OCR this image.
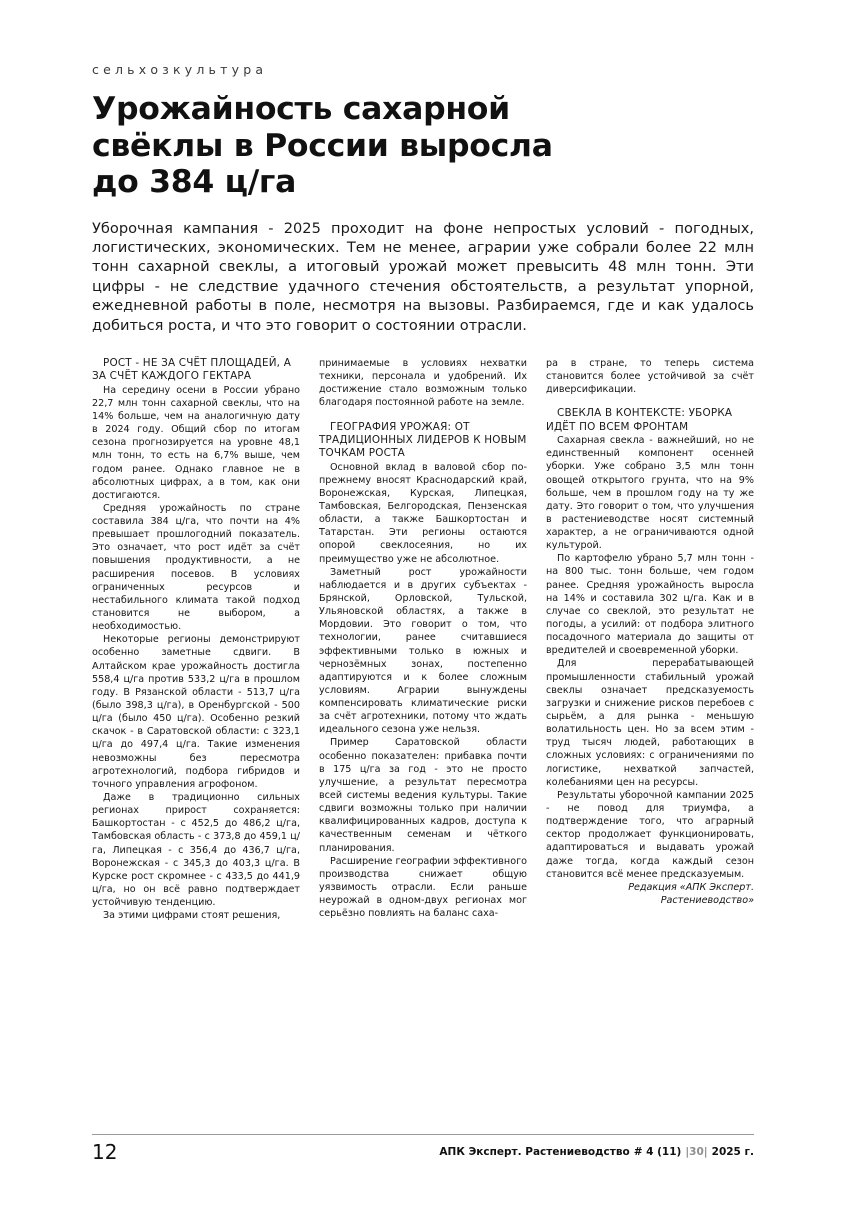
сельхозкультура
Урожайность сахарной
свёклы в России выросла
до 384 ц/га
Уборочная кампания - 2025 проходит на фоне непростых условий - погодных, логистических, экономических. Тем не менее, аграрии уже собрали более 22 млн тонн сахарной свеклы, а итоговый урожай может превысить 48 млн тонн. Эти цифры - не следствие удачного стечения обстоятельств, а результат упорной, ежедневной работы в поле, несмотря на вызовы. Разбираемся, где и как удалось добиться роста, и что это говорит о состоянии отрасли.

РОСТ - НЕ ЗА СЧЁТ ПЛОЩАДЕЙ, А ЗА СЧЁТ КАЖДОГО ГЕКТАРА

На середину осени в России убрано 22,7 млн тонн сахарной свеклы, что на 14% больше, чем на аналогичную дату в 2024 году. Общий сбор по итогам сезона прогнозируется на уровне 48,1 млн тонн, то есть на 6,7% выше, чем годом ранее. Однако главное не в абсолютных цифрах, а в том, как они достигаются.

Средняя урожайность по стране составила 384 ц/га, что почти на 4% превышает прошлогодний показатель. Это означает, что рост идёт за счёт повышения продуктивности, а не расширения посевов. В условиях ограниченных ресурсов и нестабильного климата такой подход становится не выбором, а необходимостью.

Некоторые регионы демонстрируют особенно заметные сдвиги. В Алтайском крае урожайность достигла 558,4 ц/га против 533,2 ц/га в прошлом году. В Рязанской области - 513,7 ц/га (было 398,3 ц/га), в Оренбургской - 500 ц/га (было 450 ц/га). Особенно резкий скачок - в Саратовской области: с 323,1 ц/га до 497,4 ц/га. Такие изменения невозможны без пересмотра агротехнологий, подбора гибридов и точного управления агрофоном.

Даже в традиционно сильных регионах прирост сохраняется: Башкортостан - с 452,5 до 486,2 ц/га, Тамбовская область - с 373,8 до 459,1 ц/га, Липецкая - с 356,4 до 436,7 ц/га, Воронежская - с 345,3 до 403,3 ц/га. В Курске рост скромнее - с 433,5 до 441,9 ц/га, но он всё равно подтверждает устойчивую тенденцию.

За этими цифрами стоят решения,

принимаемые в условиях нехватки техники, персонала и удобрений. Их достижение стало возможным только благодаря постоянной работе на земле.

ГЕОГРАФИЯ УРОЖАЯ: ОТ ТРАДИЦИОННЫХ ЛИДЕРОВ К НОВЫМ ТОЧКАМ РОСТА

Основной вклад в валовой сбор по-прежнему вносят Краснодарский край, Воронежская, Курская, Липецкая, Тамбовская, Белгородская, Пензенская области, а также Башкортостан и Татарстан. Эти регионы остаются опорой свеклосеяния, но их преимущество уже не абсолютное.

Заметный рост урожайности наблюдается и в других субъектах - Брянской, Орловской, Тульской, Ульяновской областях, а также в Мордовии. Это говорит о том, что технологии, ранее считавшиеся эффективными только в южных и чернозёмных зонах, постепенно адаптируются и к более сложным условиям. Аграрии вынуждены компенсировать климатические риски за счёт агротехники, потому что ждать идеального сезона уже нельзя.

Пример Саратовской области особенно показателен: прибавка почти в 175 ц/га за год - это не просто улучшение, а результат пересмотра всей системы ведения культуры. Такие сдвиги возможны только при наличии квалифицированных кадров, доступа к качественным семенам и чёткого планирования.

Расширение географии эффективного производства снижает общую уязвимость отрасли. Если раньше неурожай в одном-двух регионах мог серьёзно повлиять на баланс саха-

ра в стране, то теперь система становится более устойчивой за счёт диверсификации.

СВЕКЛА В КОНТЕКСТЕ: УБОРКА ИДЁТ ПО ВСЕМ ФРОНТАМ

Сахарная свекла - важнейший, но не единственный компонент осенней уборки. Уже собрано 3,5 млн тонн овощей открытого грунта, что на 9% больше, чем в прошлом году на ту же дату. Это говорит о том, что улучшения в растениеводстве носят системный характер, а не ограничиваются одной культурой.

По картофелю убрано 5,7 млн тонн - на 800 тыс. тонн больше, чем годом ранее. Средняя урожайность выросла на 14% и составила 302 ц/га. Как и в случае со свеклой, это результат не погоды, а усилий: от подбора элитного посадочного материала до защиты от вредителей и своевременной уборки.

Для перерабатывающей промышленности стабильный урожай свеклы означает предсказуемость загрузки и снижение рисков перебоев с сырьём, а для рынка - меньшую волатильность цен. Но за всем этим - труд тысяч людей, работающих в сложных условиях: с ограничениями по логистике, нехваткой запчастей, колебаниями цен на ресурсы.

Результаты уборочной кампании 2025 - не повод для триумфа, а подтверждение того, что аграрный сектор продолжает функционировать, адаптироваться и выдавать урожай даже тогда, когда каждый сезон становится всё менее предсказуемым.

Редакция «АПК Эксперт. Растениеводство»

12	АПК Эксперт. Растениеводство # 4 (11) |30| 2025 г.
